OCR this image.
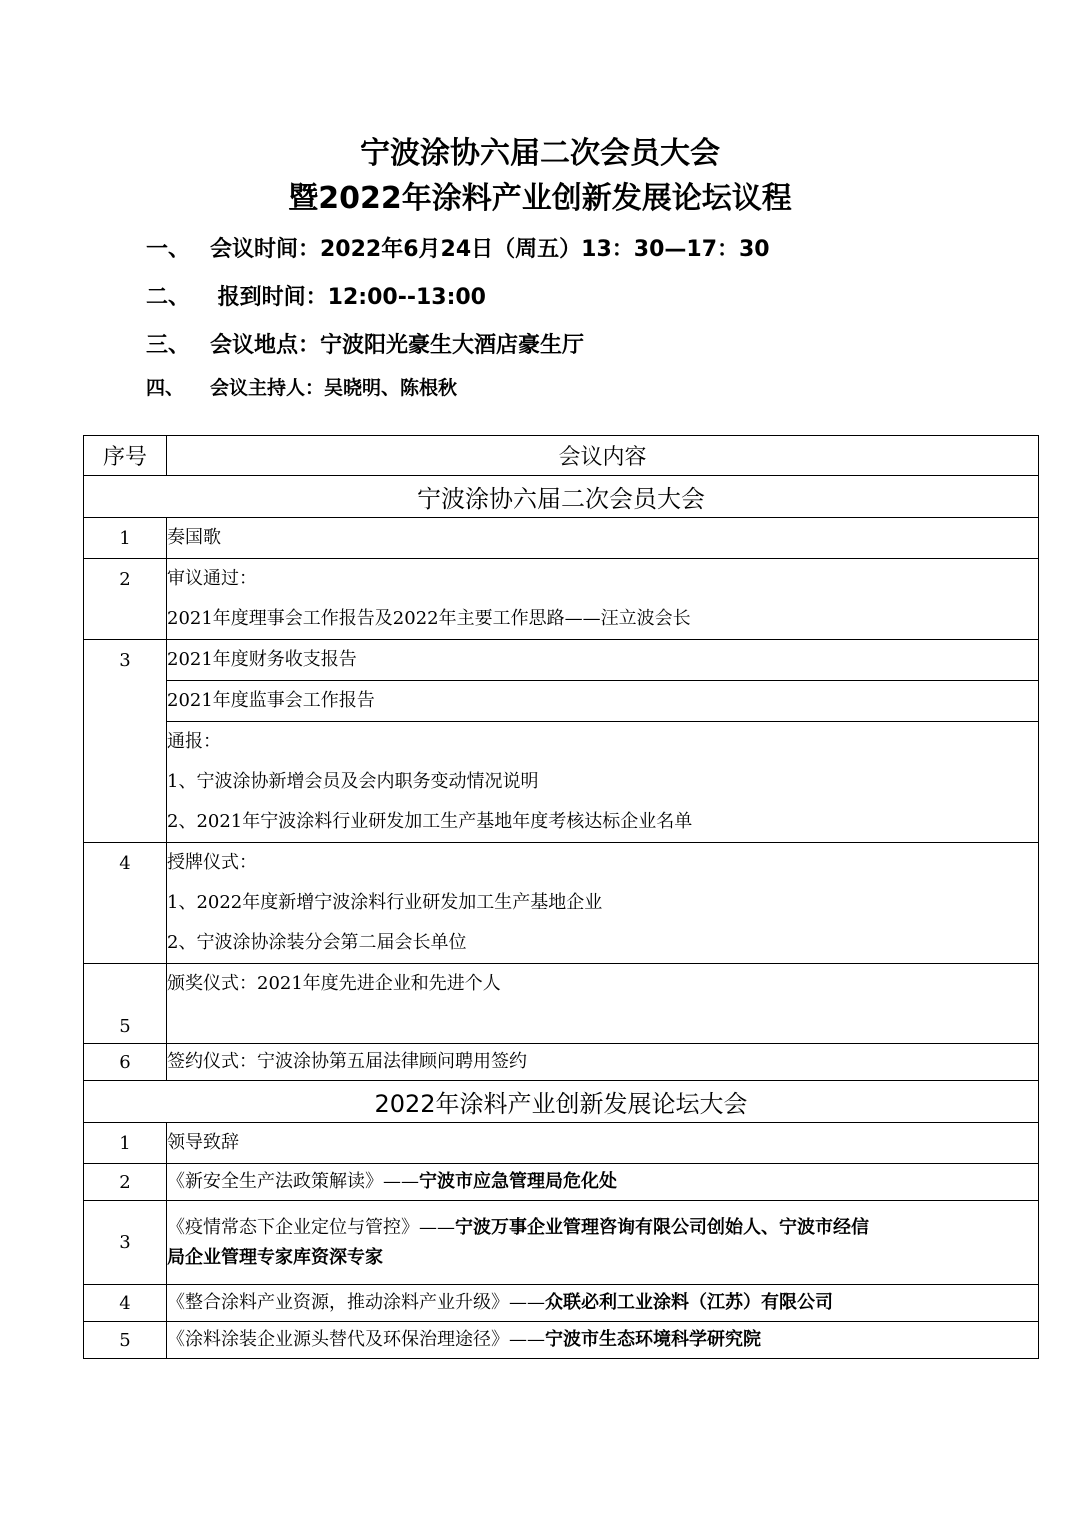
宁波涂协六届二次会员大会
暨2022年涂料产业创新发展论坛议程
一、 会议时间：2022年6月24日（周五）13：30—17：30
二、 报到时间：12:00--13:00
三、 会议地点：宁波阳光豪生大酒店豪生厅
四、 会议主持人：吴晓明、陈根秋
序号	会议内容
宁波涂协六届二次会员大会	
1	奏国歌

2	审议通过：
2021年度理事会工作报告及2022年主要工作思路——汪立波会长

3	2021年度财务收支报告

	2021年度监事会工作报告

	通报：
1、宁波涂协新增会员及会内职务变动情况说明
2、2021年宁波涂料行业研发加工生产基地年度考核达标企业名单

4	授牌仪式：
1、2022年度新增宁波涂料行业研发加工生产基地企业
2、宁波涂协涂装分会第二届会长单位

5	颁奖仪式：2021年度先进企业和先进个人

6	签约仪式：宁波涂协第五届法律顾问聘用签约

2022年涂料产业创新发展论坛大会	
1	领导致辞

2	《新安全生产法政策解读》——宁波市应急管理局危化处

3	《疫情常态下企业定位与管控》——宁波万事企业管理咨询有限公司创始人、宁波市经信
局企业管理专家库资深专家

4	《整合涂料产业资源，推动涂料产业升级》——众联必利工业涂料（江苏）有限公司

5	《涂料涂装企业源头替代及环保治理途径》——宁波市生态环境科学研究院
